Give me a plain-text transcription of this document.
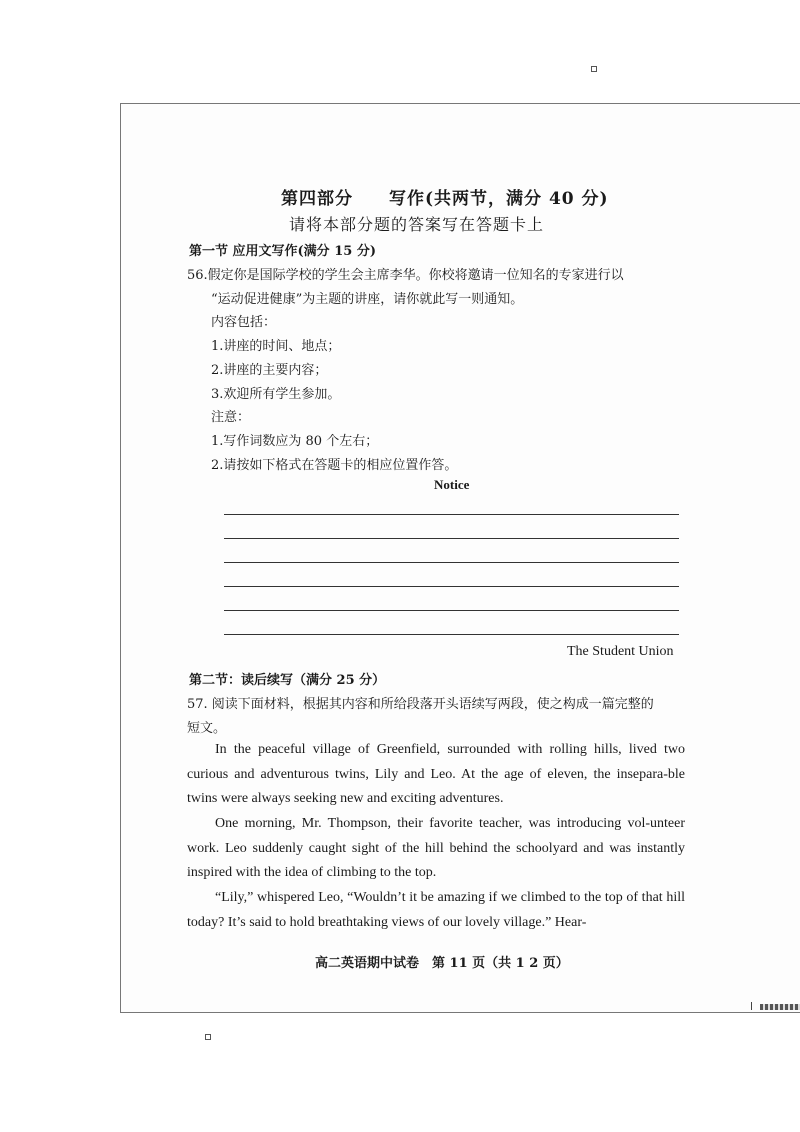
第四部分　　写作(共两节，满分 40 分)
请将本部分题的答案写在答题卡上
第一节 应用文写作(满分 15 分)
56.假定你是国际学校的学生会主席李华。你校将邀请一位知名的专家进行以
“运动促进健康”为主题的讲座，请你就此写一则通知。
内容包括：
1.讲座的时间、地点；
2.讲座的主要内容；
3.欢迎所有学生参加。
注意：
1.写作词数应为 80 个左右；
2.请按如下格式在答题卡的相应位置作答。
Notice
The Student Union
第二节：读后续写（满分 25 分）
57. 阅读下面材料，根据其内容和所给段落开头语续写两段，使之构成一篇完整的
短文。
In the peaceful village of Greenfield, surrounded with rolling hills, lived two curious and adventurous twins, Lily and Leo. At the age of eleven, the insepara-ble twins were always seeking new and exciting adventures.
One morning, Mr. Thompson, their favorite teacher, was introducing vol-unteer work. Leo suddenly caught sight of the hill behind the schoolyard and was instantly inspired with the idea of climbing to the top.
“Lily,” whispered Leo, “Wouldn’t it be amazing if we climbed to the top of that hill today? It’s said to hold breathtaking views of our lovely village.” Hear-
高二英语期中试卷　第 11 页（共 1 2 页）
